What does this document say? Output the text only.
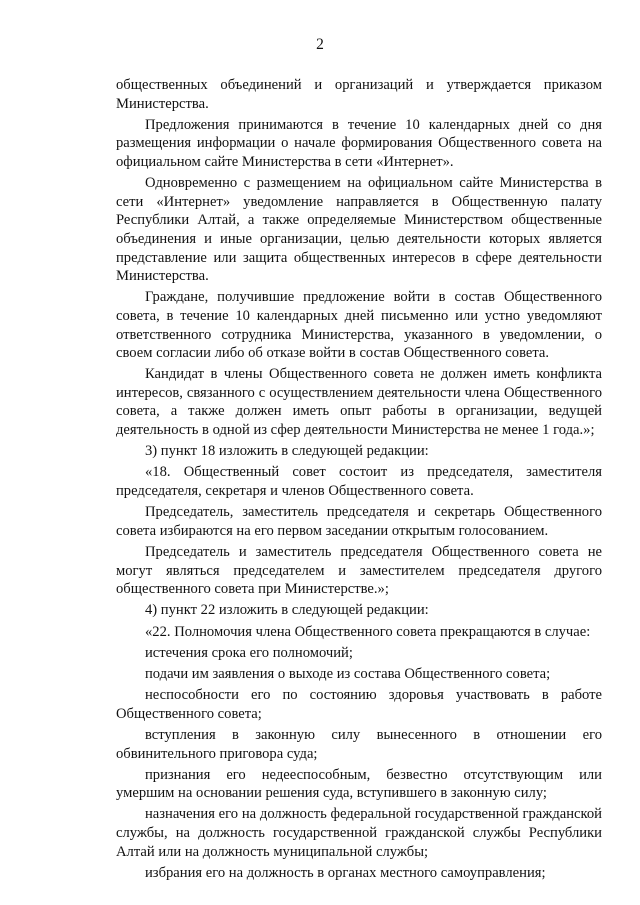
2

общественных объединений и организаций и утверждается приказом Министерства.

Предложения принимаются в течение 10 календарных дней со дня размещения информации о начале формирования Общественного совета на официальном сайте Министерства в сети «Интернет».

Одновременно с размещением на официальном сайте Министерства в сети «Интернет» уведомление направляется в Общественную палату Республики Алтай, а также определяемые Министерством общественные объединения и иные организации, целью деятельности которых является представление или защита общественных интересов в сфере деятельности Министерства.

Граждане, получившие предложение войти в состав Общественного совета, в течение 10 календарных дней письменно или устно уведомляют ответственного сотрудника Министерства, указанного в уведомлении, о своем согласии либо об отказе войти в состав Общественного совета.

Кандидат в члены Общественного совета не должен иметь конфликта интересов, связанного с осуществлением деятельности члена Общественного совета, а также должен иметь опыт работы в организации, ведущей деятельность в одной из сфер деятельности Министерства не менее 1 года.»;

3) пункт 18 изложить в следующей редакции:

«18. Общественный совет состоит из председателя, заместителя председателя, секретаря и членов Общественного совета.

Председатель, заместитель председателя и секретарь Общественного совета избираются на его первом заседании открытым голосованием.

Председатель и заместитель председателя Общественного совета не могут являться председателем и заместителем председателя другого общественного совета при Министерстве.»;

4) пункт 22 изложить в следующей редакции:

«22. Полномочия члена Общественного совета прекращаются в случае:

истечения срока его полномочий;

подачи им заявления о выходе из состава Общественного совета;

неспособности его по состоянию здоровья участвовать в работе Общественного совета;

вступления в законную силу вынесенного в отношении его обвинительного приговора суда;

признания его недееспособным, безвестно отсутствующим или умершим на основании решения суда, вступившего в законную силу;

назначения его на должность федеральной государственной гражданской службы, на должность государственной гражданской службы Республики Алтай или на должность муниципальной службы;

избрания его на должность в органах местного самоуправления;
